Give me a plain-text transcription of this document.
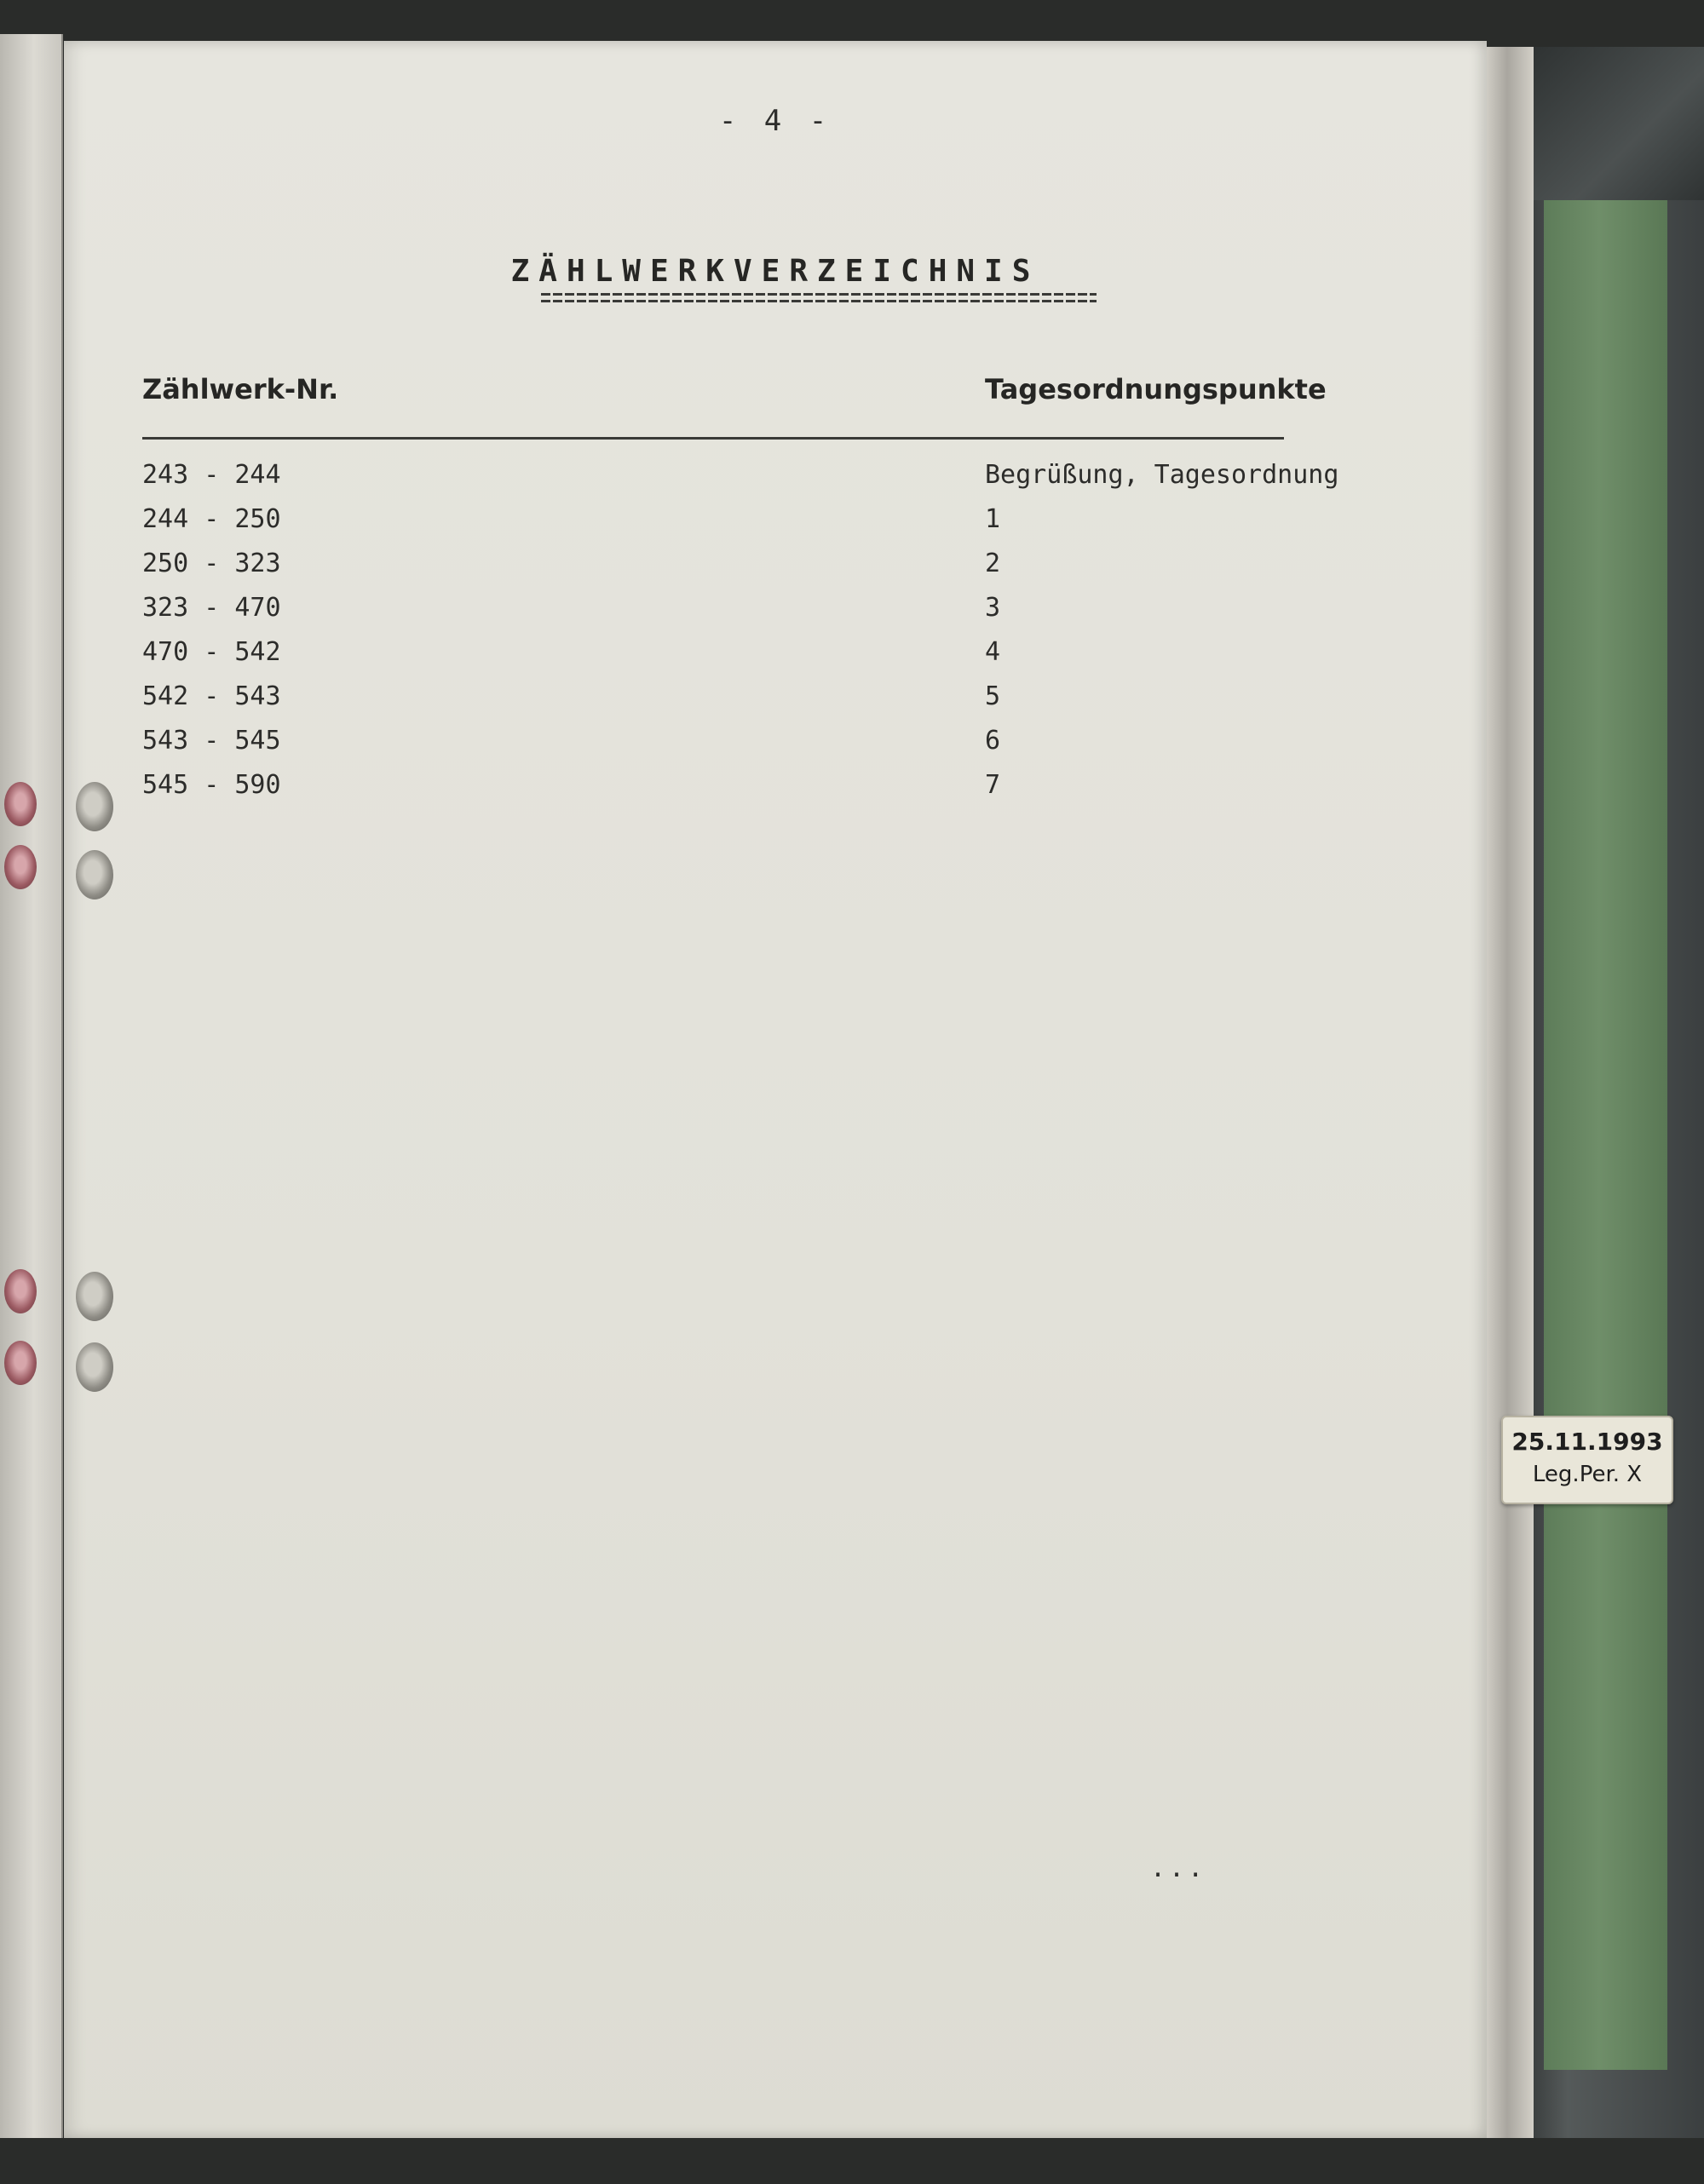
- 4 -
ZÄHLWERKVERZEICHNIS
Zählwerk-Nr.	Tagesordnungspunkte
243 - 244	Begrüßung, Tagesordnung
244 - 250	1
250 - 323	2
323 - 470	3
470 - 542	4
542 - 543	5
543 - 545	6
545 - 590	7
...
25.11.1993
Leg.Per. X
